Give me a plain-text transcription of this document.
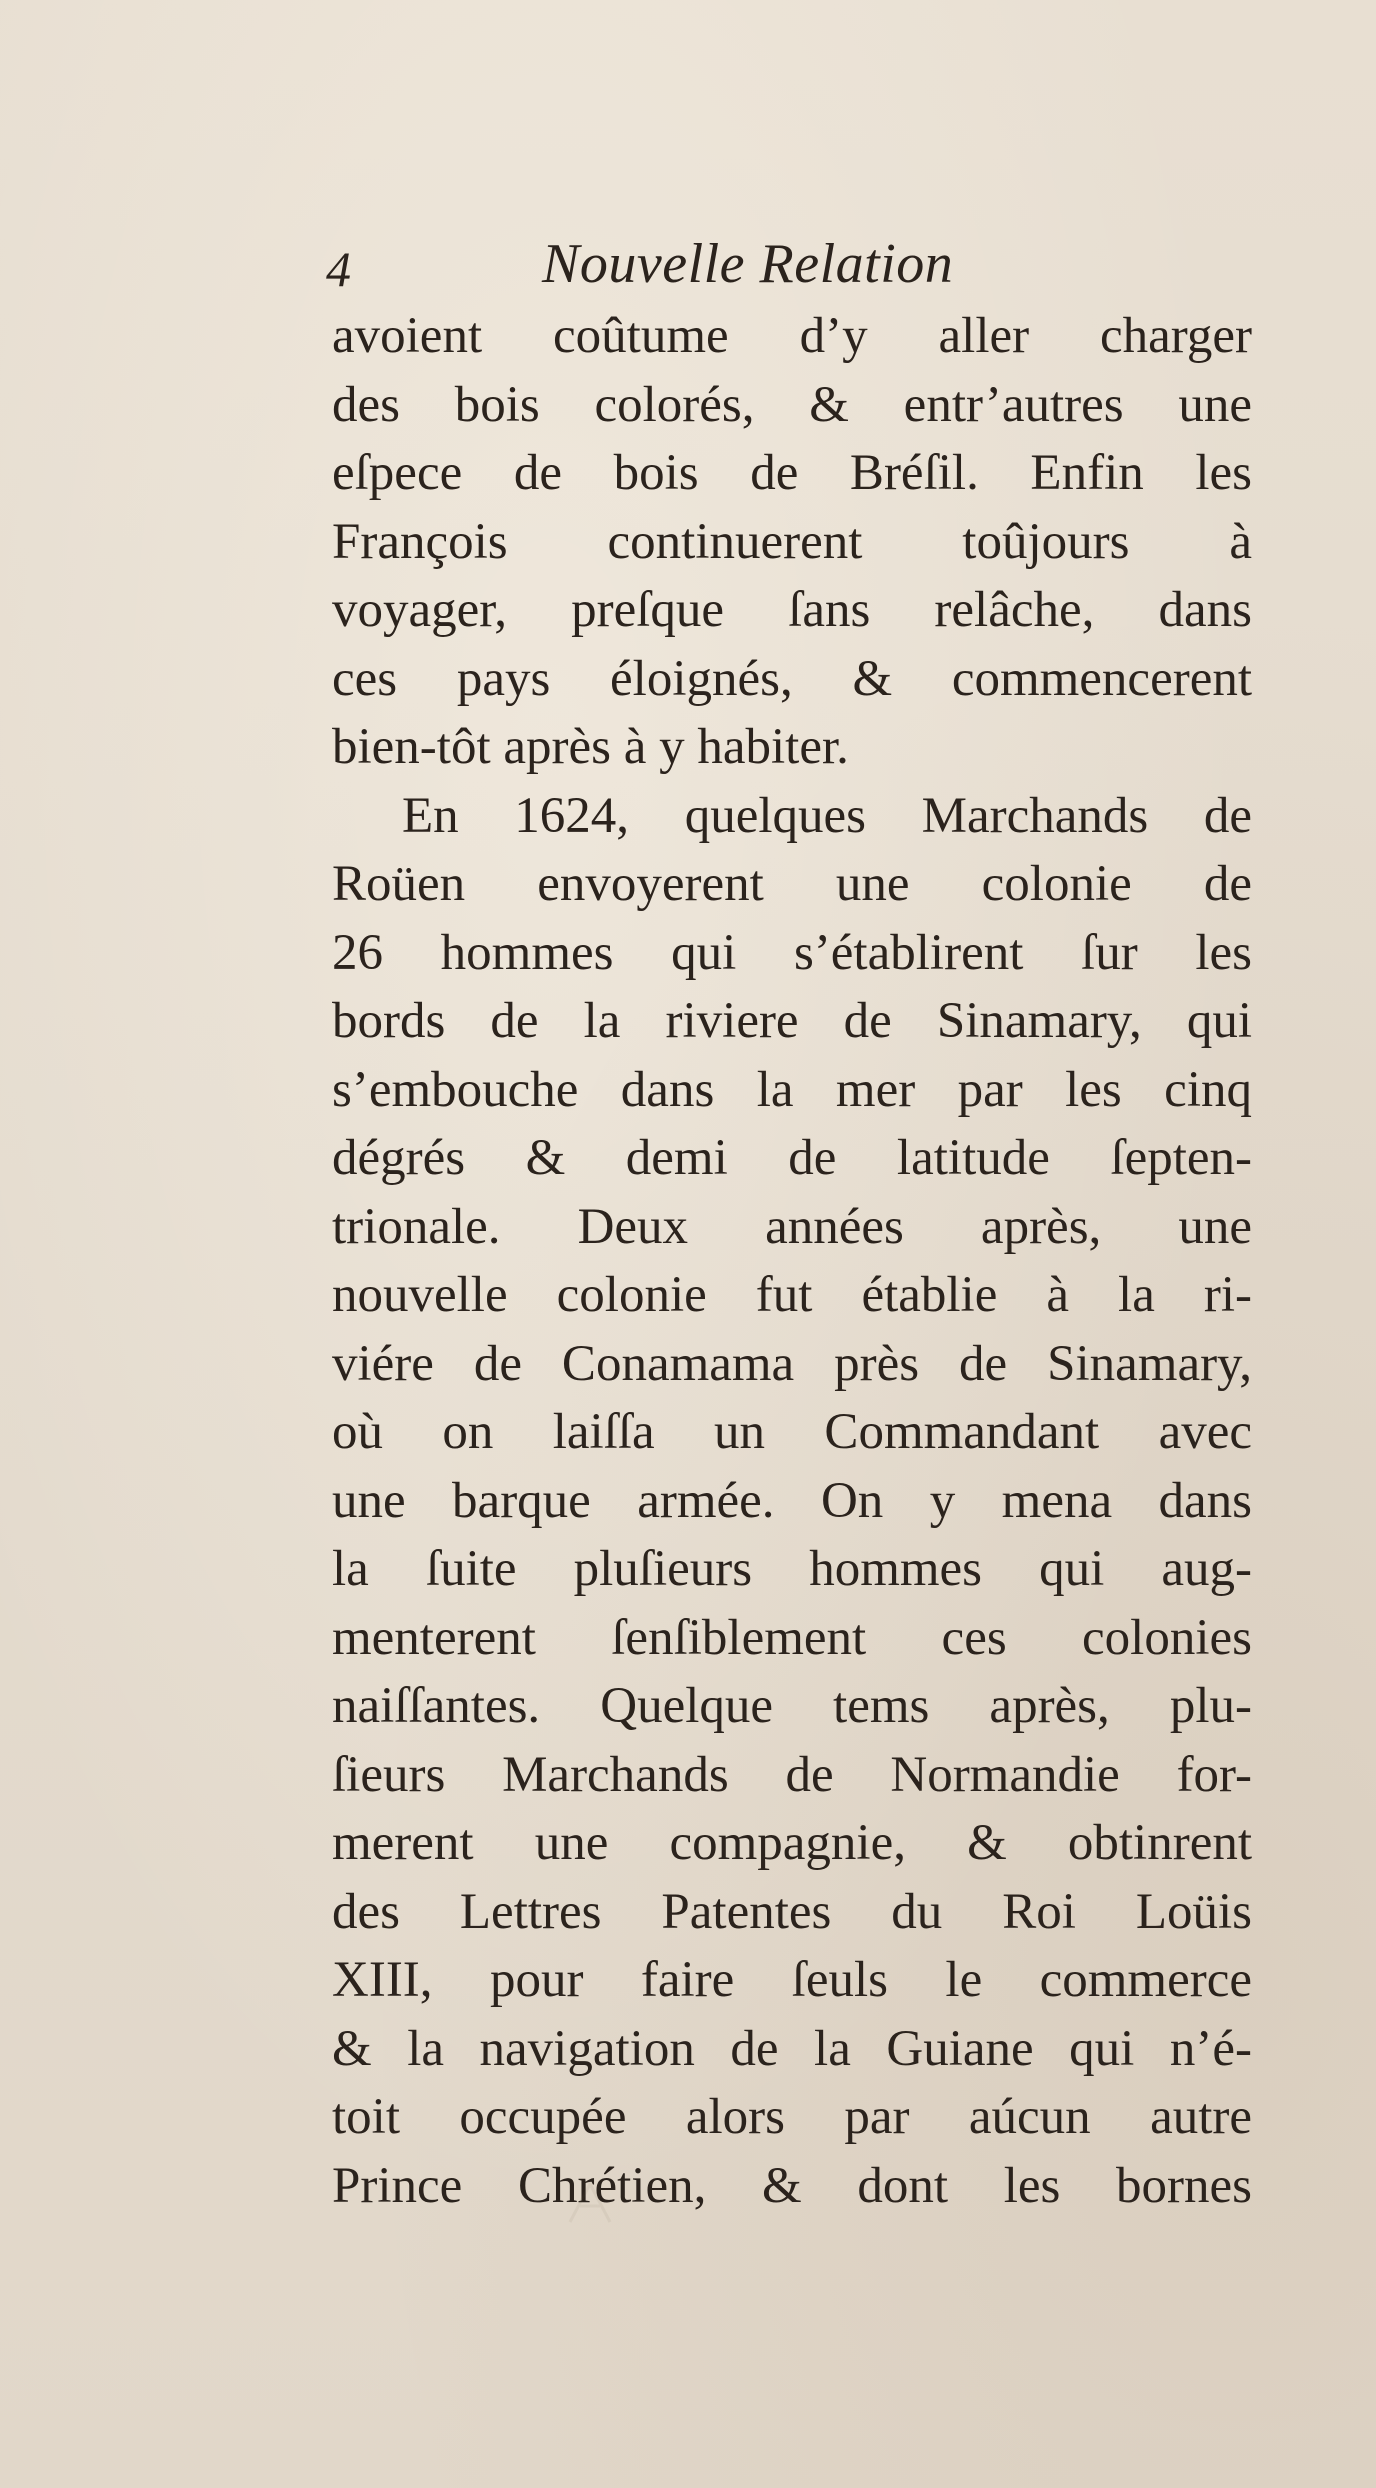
4	Nouvelle Relation
avoient coûtume d’y aller charger
des bois colorés, & entr’autres une
eſpece de bois de Bréſil. Enfin les
François continuerent toûjours à
voyager, preſque ſans relâche, dans
ces pays éloignés, & commencerent
bien-tôt après à y habiter.
En 1624, quelques Marchands de
Roüen envoyerent une colonie de
26 hommes qui s’établirent ſur les
bords de la riviere de Sinamary, qui
s’embouche dans la mer par les cinq
dégrés & demi de latitude ſepten-
trionale. Deux années après, une
nouvelle colonie fut établie à la ri-
viére de Conamama près de Sinamary,
où on laiſſa un Commandant avec
une barque armée. On y mena dans
la ſuite pluſieurs hommes qui aug-
menterent ſenſiblement ces colonies
naiſſantes. Quelque tems après, plu-
ſieurs Marchands de Normandie for-
merent une compagnie, & obtinrent
des Lettres Patentes du Roi Loüis
XIII, pour faire ſeuls le commerce
& la navigation de la Guiane qui n’é-
toit occupée alors par aúcun autre
Prince Chrétien, & dont les bornes
